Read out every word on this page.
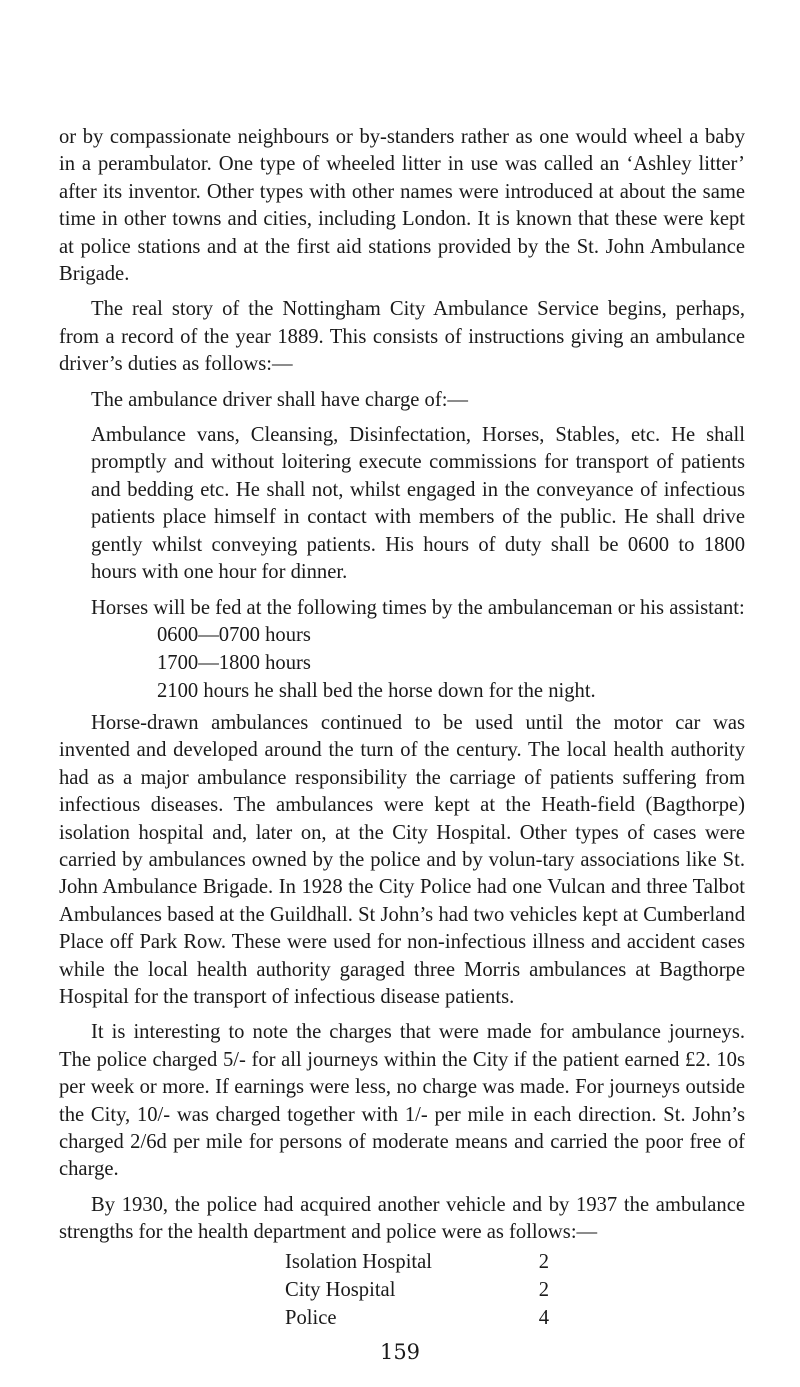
or by compassionate neighbours or by-standers rather as one would wheel a baby in a perambulator. One type of wheeled litter in use was called an ‘Ashley litter’ after its inventor. Other types with other names were introduced at about the same time in other towns and cities, including London. It is known that these were kept at police stations and at the first aid stations provided by the St. John Ambulance Brigade.

The real story of the Nottingham City Ambulance Service begins, perhaps, from a record of the year 1889. This consists of instructions giving an ambulance driver’s duties as follows:—

The ambulance driver shall have charge of:—

Ambulance vans, Cleansing, Disinfectation, Horses, Stables, etc. He shall promptly and without loitering execute commissions for transport of patients and bedding etc. He shall not, whilst engaged in the conveyance of infectious patients place himself in contact with members of the public. He shall drive gently whilst conveying patients. His hours of duty shall be 0600 to 1800 hours with one hour for dinner.

Horses will be fed at the following times by the ambulanceman or his assistant:

0600—0700 hours
1700—1800 hours
2100 hours he shall bed the horse down for the night.

Horse-drawn ambulances continued to be used until the motor car was invented and developed around the turn of the century. The local health authority had as a major ambulance responsibility the carriage of patients suffering from infectious diseases. The ambulances were kept at the Heath-field (Bagthorpe) isolation hospital and, later on, at the City Hospital. Other types of cases were carried by ambulances owned by the police and by volun-tary associations like St. John Ambulance Brigade. In 1928 the City Police had one Vulcan and three Talbot Ambulances based at the Guildhall. St John’s had two vehicles kept at Cumberland Place off Park Row. These were used for non-infectious illness and accident cases while the local health authority garaged three Morris ambulances at Bagthorpe Hospital for the transport of infectious disease patients.

It is interesting to note the charges that were made for ambulance journeys. The police charged 5/- for all journeys within the City if the patient earned £2. 10s per week or more. If earnings were less, no charge was made. For journeys outside the City, 10/- was charged together with 1/- per mile in each direction. St. John’s charged 2/6d per mile for persons of moderate means and carried the poor free of charge.

By 1930, the police had acquired another vehicle and by 1937 the ambulance strengths for the health department and police were as follows:—

Isolation Hospital	2
City Hospital	2
Police	4
159
